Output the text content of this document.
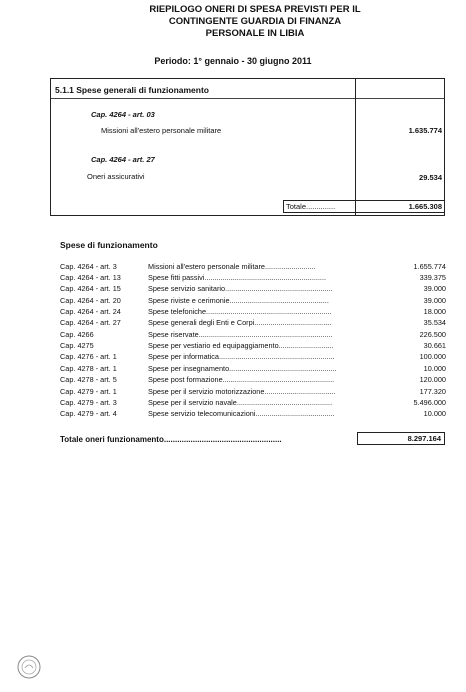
RIEPILOGO ONERI DI SPESA PREVISTI PER IL
CONTINGENTE GUARDIA DI FINANZA
PERSONALE IN LIBIA
Periodo: 1° gennaio - 30 giugno 2011
5.1.1 Spese generali di funzionamento
Cap. 4264 - art. 03
Missioni all'estero personale militare	1.635.774
Cap. 4264 - art. 27
Oneri assicurativi	29.534
Totale..............	1.665.308
Spese di funzionamento
Cap. 4264 - art. 3	Missioni all'estero personale militare.........................	1.655.774
Cap. 4264 - art. 13	Spese fitti passivi............................................................	339.375
Cap. 4264 - art. 15	Spese servizio sanitario.....................................................	39.000
Cap. 4264 - art. 20	Spese riviste e cerimonie.................................................	39.000
Cap. 4264 - art. 24	Spese telefoniche..............................................................	18.000
Cap. 4264 - art. 27	Spese generali degli Enti e Corpi......................................	35.534
Cap. 4266	Spese riservate..................................................................	226.500
Cap. 4275	Spese per vestiario ed equipaggiamento...........................	30.661
Cap. 4276 - art. 1	Spese per informatica.........................................................	100.000
Cap. 4278 - art. 1	Spese per insegnamento.....................................................	10.000
Cap. 4278 - art. 5	Spese post formazione.......................................................	120.000
Cap. 4279 - art. 1	Spese per il servizio motorizzazione...................................	177.320
Cap. 4279 - art. 3	Spese per il servizio navale...............................................	5.496.000
Cap. 4279 - art. 4	Spese servizio telecomunicazioni.......................................	10.000
Totale oneri funzionamento.....................................................	8.297.164
